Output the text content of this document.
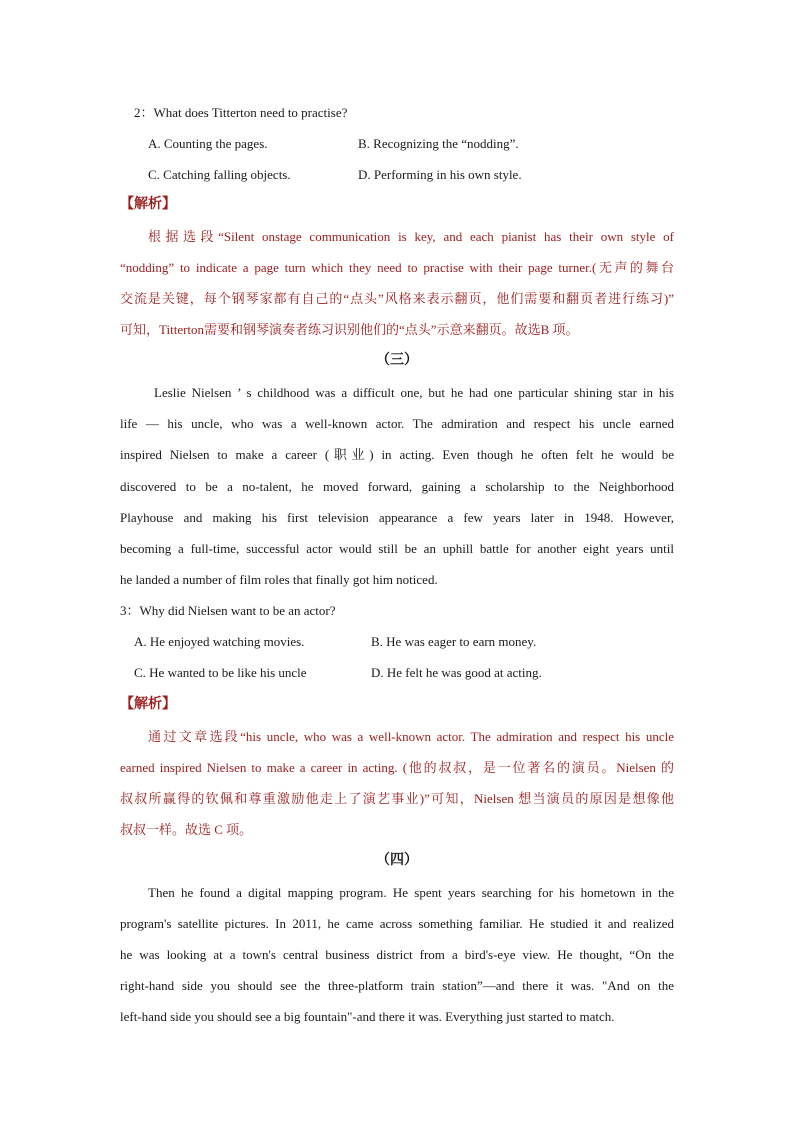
2：What does Titterton need to practise?
A. Counting the pages.	B. Recognizing the “nodding”.
C. Catching falling objects.	D. Performing in his own style.
【解析】
根据选段“Silent onstage communication is key, and each pianist has their own style of
“nodding” to indicate a page turn which they need to practise with their page turner.(无声的舞台
交流是关键，每个钢琴家都有自己的“点头”风格来表示翻页，他们需要和翻页者进行练习)”
可知，Titterton需要和钢琴演奏者练习识别他们的“点头”示意来翻页。故选B 项。
（三）
Leslie Nielsen ’ s childhood was a difficult one, but he had one particular shining star in his
life — his uncle, who was a well-known actor. The admiration and respect his uncle earned
inspired Nielsen to make a career (职业) in acting. Even though he often felt he would be
discovered to be a no-talent, he moved forward, gaining a scholarship to the Neighborhood
Playhouse and making his first television appearance a few years later in 1948. However,
becoming a full-time, successful actor would still be an uphill battle for another eight years until
he landed a number of film roles that finally got him noticed.
3：Why did Nielsen want to be an actor?
A. He enjoyed watching movies.	B. He was eager to earn money.
C. He wanted to be like his uncle	D. He felt he was good at acting.
【解析】
通过文章选段“his uncle, who was a well-known actor. The admiration and respect his uncle
earned inspired Nielsen to make a career in acting. (他的叔叔，是一位著名的演员。Nielsen 的
叔叔所赢得的钦佩和尊重激励他走上了演艺事业)”可知，Nielsen 想当演员的原因是想像他
叔叔一样。故选 C 项。
（四）
Then he found a digital mapping program. He spent years searching for his hometown in the
program's satellite pictures. In 2011, he came across something familiar. He studied it and realized
he was looking at a town's central business district from a bird's-eye view. He thought, “On the
right-hand side you should see the three-platform train station”—and there it was. "And on the
left-hand side you should see a big fountain"-and there it was. Everything just started to match.
